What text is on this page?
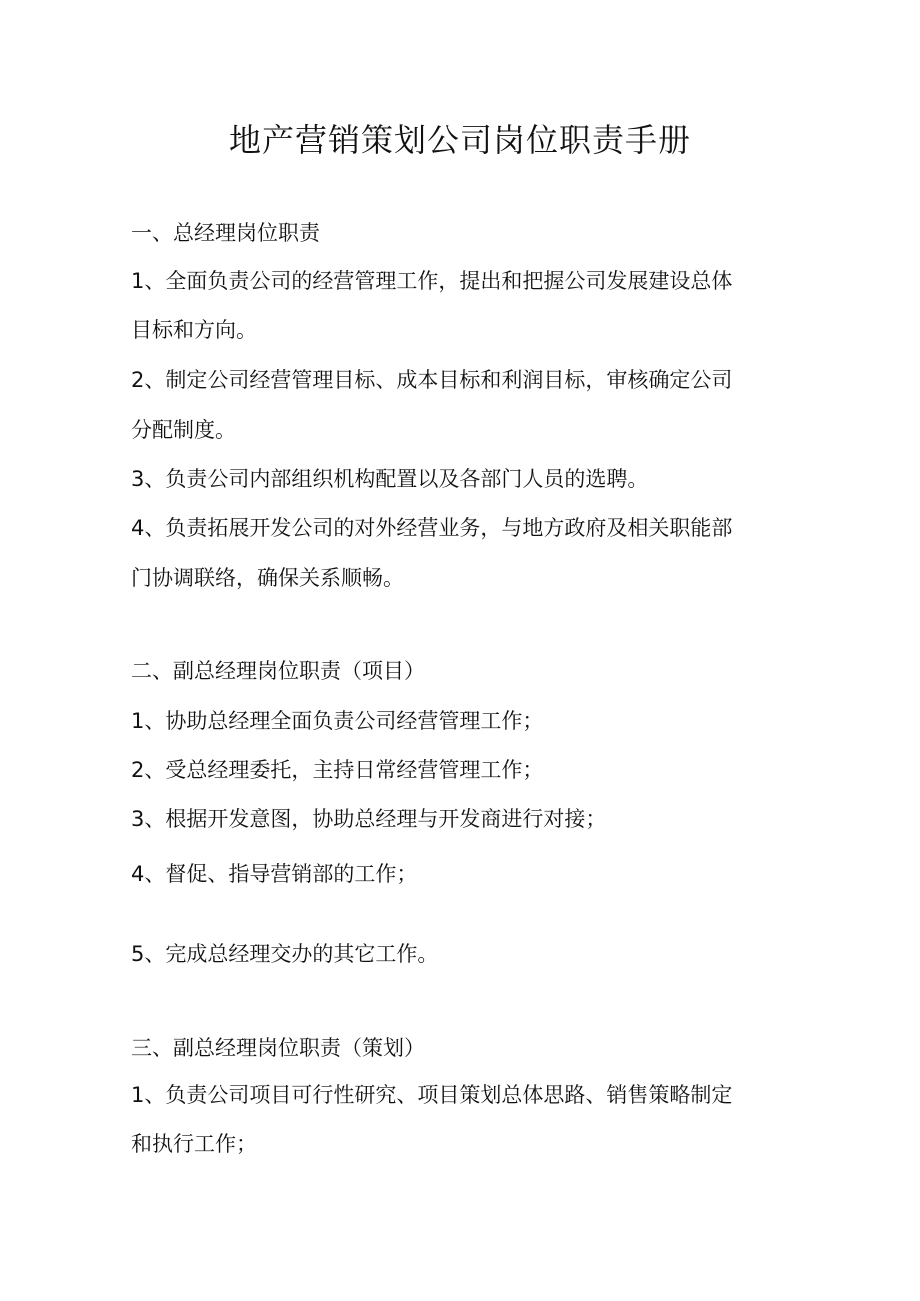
地产营销策划公司岗位职责手册

一、总经理岗位职责

1、全面负责公司的经营管理工作，提出和把握公司发展建设总体

目标和方向。

2、制定公司经营管理目标、成本目标和利润目标，审核确定公司

分配制度。

3、负责公司内部组织机构配置以及各部门人员的选聘。

4、负责拓展开发公司的对外经营业务，与地方政府及相关职能部

门协调联络，确保关系顺畅。

二、副总经理岗位职责（项目）

1、协助总经理全面负责公司经营管理工作；

2、受总经理委托，主持日常经营管理工作；

3、根据开发意图，协助总经理与开发商进行对接；

4、督促、指导营销部的工作；

5、完成总经理交办的其它工作。

三、副总经理岗位职责（策划）

1、负责公司项目可行性研究、项目策划总体思路、销售策略制定

和执行工作；
